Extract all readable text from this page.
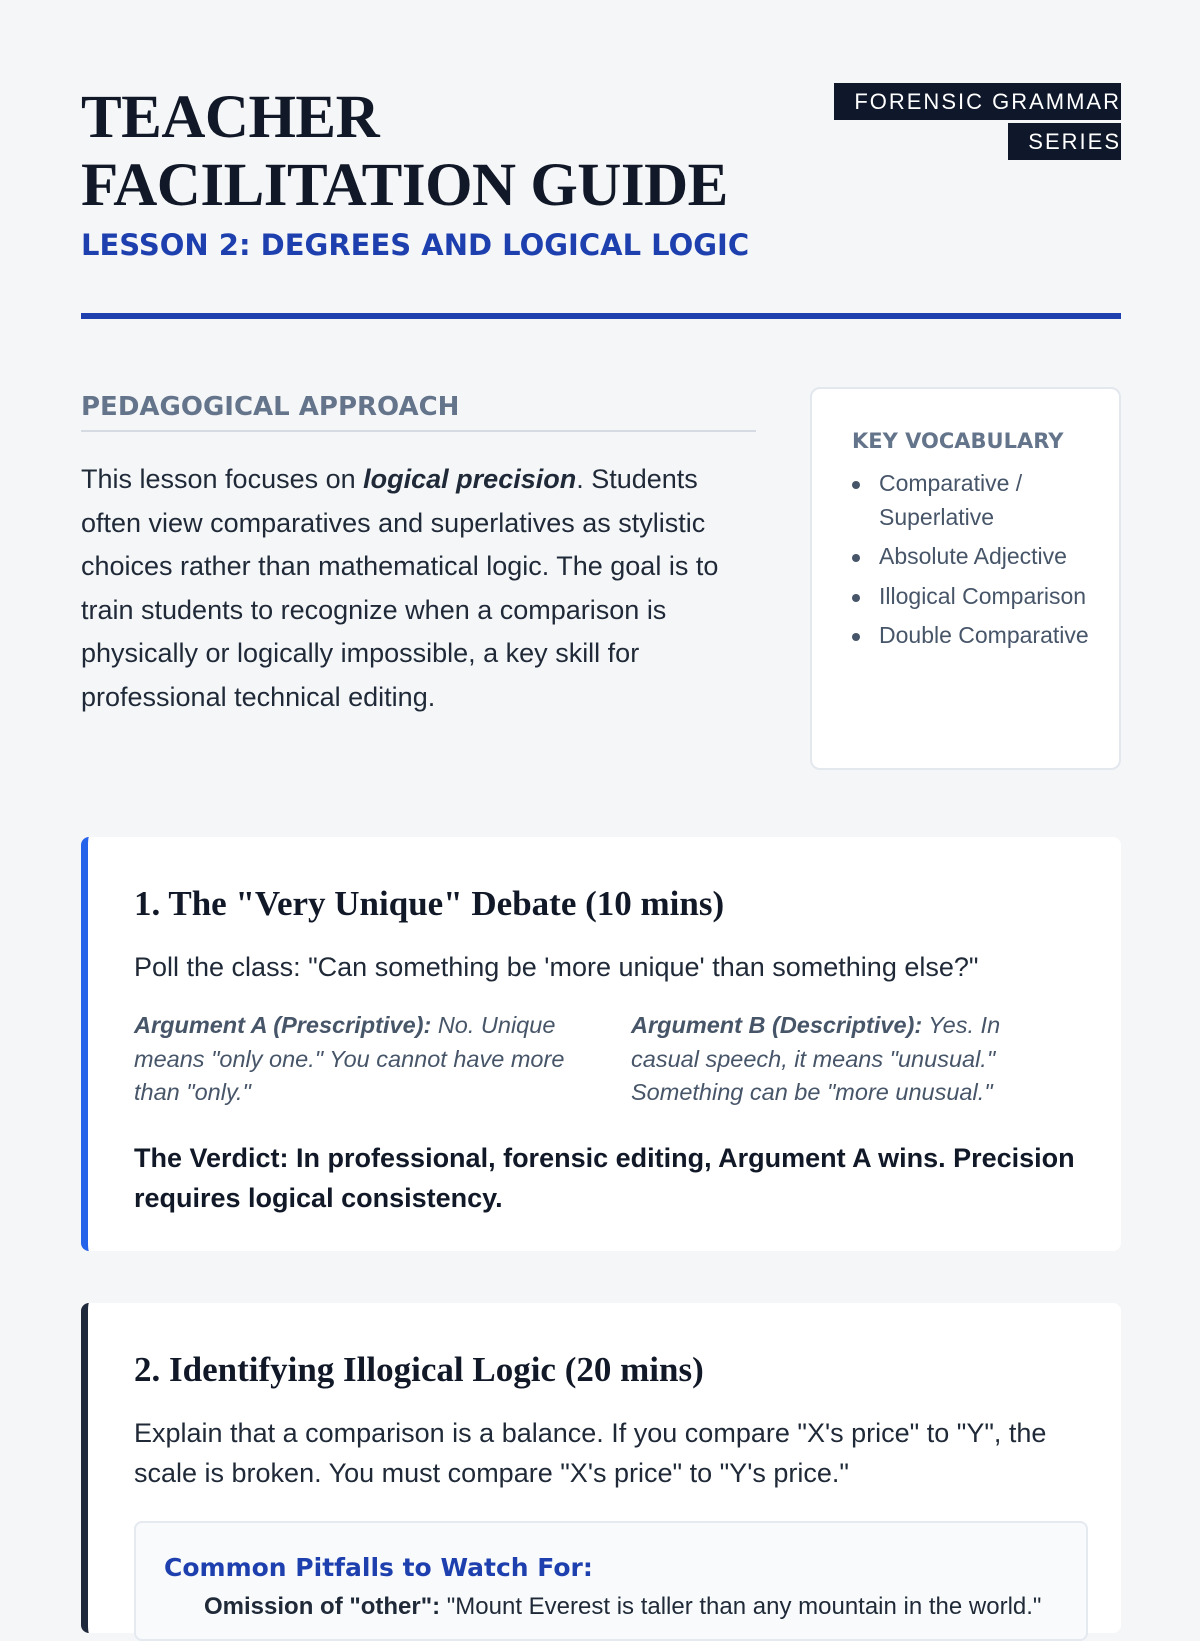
TEACHER FACILITATION GUIDE
FORENSIC GRAMMAR SERIES
LESSON 2: DEGREES AND LOGICAL LOGIC
PEDAGOGICAL APPROACH

This lesson focuses on logical precision. Students often view comparatives and superlatives as stylistic choices rather than mathematical logic. The goal is to train students to recognize when a comparison is physically or logically impossible, a key skill for professional technical editing.

KEY VOCABULARY
Comparative / Superlative
Absolute Adjective
Illogical Comparison
Double Comparative
1. The "Very Unique" Debate (10 mins)

Poll the class: "Can something be 'more unique' than something else?"

Argument A (Prescriptive): No. Unique means "only one." You cannot have more than "only."
Argument B (Descriptive): Yes. In casual speech, it means "unusual." Something can be "more unusual."

The Verdict: In professional, forensic editing, Argument A wins. Precision requires logical consistency.

2. Identifying Illogical Logic (20 mins)

Explain that a comparison is a balance. If you compare "X's price" to "Y", the scale is broken. You must compare "X's price" to "Y's price."

Common Pitfalls to Watch For:
Omission of "other": "Mount Everest is taller than any mountain in the world."
